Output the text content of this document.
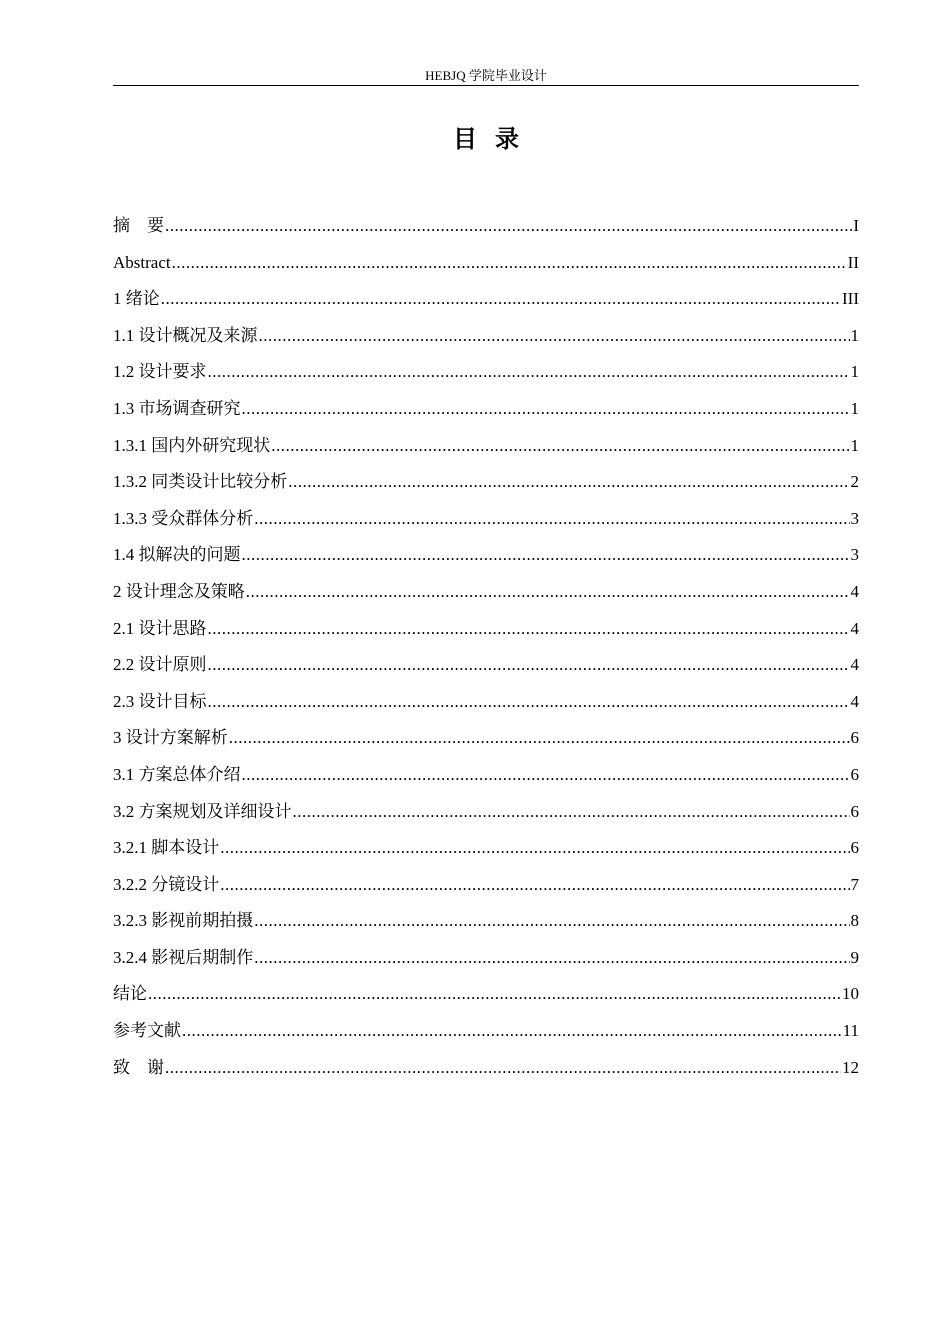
HEBJQ 学院毕业设计
目录
摘　要 .....	I
Abstract .....	II
1 绪论 .....	III
1.1 设计概况及来源 .....	1
1.2 设计要求 .....	1
1.3 市场调查研究 .....	1
1.3.1 国内外研究现状 .....	1
1.3.2 同类设计比较分析 .....	2
1.3.3 受众群体分析 .....	3
1.4 拟解决的问题 .....	3
2 设计理念及策略 .....	4
2.1 设计思路 .....	4
2.2 设计原则 .....	4
2.3 设计目标 .....	4
3 设计方案解析 .....	6
3.1 方案总体介绍 .....	6
3.2 方案规划及详细设计 .....	6
3.2.1 脚本设计 .....	6
3.2.2 分镜设计 .....	7
3.2.3 影视前期拍摄 .....	8
3.2.4 影视后期制作 .....	9
结论 .....	10
参考文献 .....	11
致　谢 .....	12
